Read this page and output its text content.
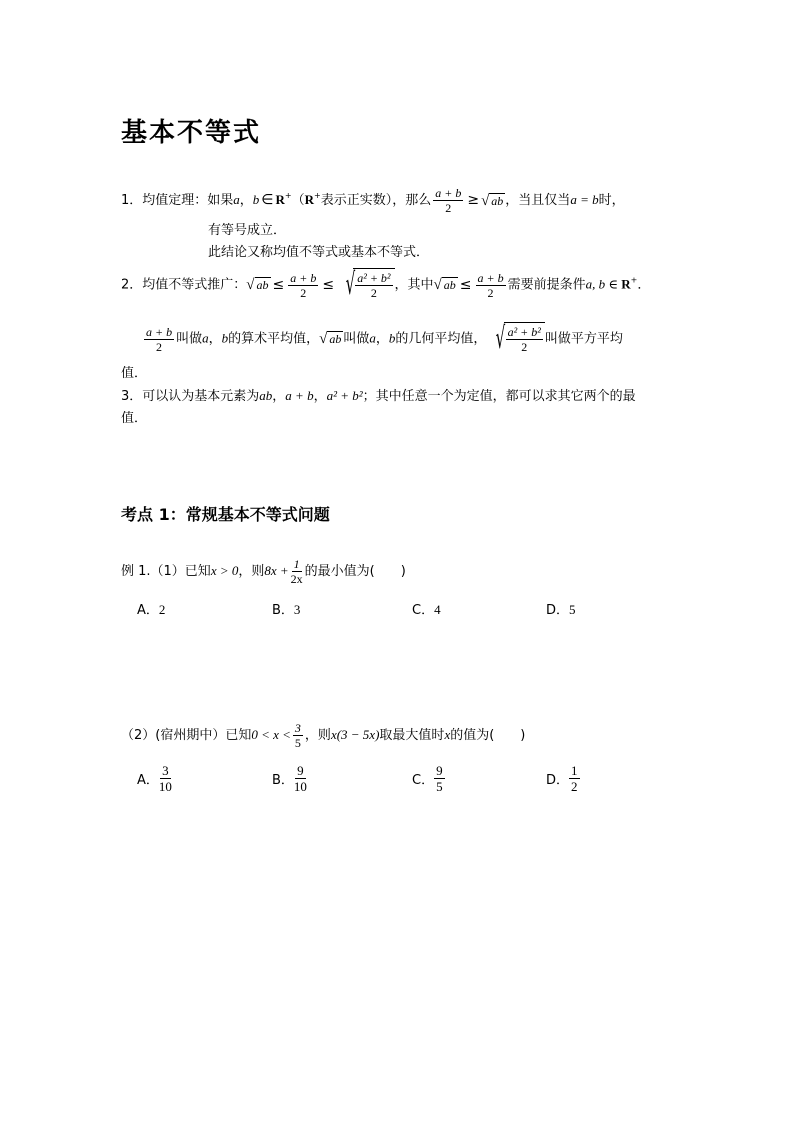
基本不等式
1．均值定理：如果a，b ∈ R+（R+表示正实数），那么 $\frac{a + b}{2}$ ≥ √ ab ，当且仅当a = b时，
有等号成立．
此结论又称均值不等式或基本不等式．
2．均值不等式推广： √ ab ≤ $\frac{a + b}{2}$ ≤ √ $\frac{\text{a² + b²}}{2}$ ，其中 √ ab ≤ $\frac{a + b}{2}$ 需要前提条件a, b ∈ R+．
$\frac{a + b}{2}$ 叫做a，b的算术平均值， √ ab 叫做a，b的几何平均值， √ $\frac{\text{a² + b²}}{2}$ 叫做平方平均
值．
3．可以认为基本元素为ab，a + b，a² + b²；其中任意一个为定值，都可以求其它两个的最
值．
考点 1：常规基本不等式问题
例 1.（1）已知x > 0，则$8x + \frac{1}{2x}$ 的最小值为(　　)
A．2	B．3	C．4	D．5
（2）(宿州期中）已知$0 < x < \frac{3}{5}$ ，则x(3 − 5x)取最大值时x的值为(　　)
A． $\frac{3}{10}$	B． $\frac{9}{10}$	C． $\frac{9}{5}$	D． $\frac{1}{2}$
